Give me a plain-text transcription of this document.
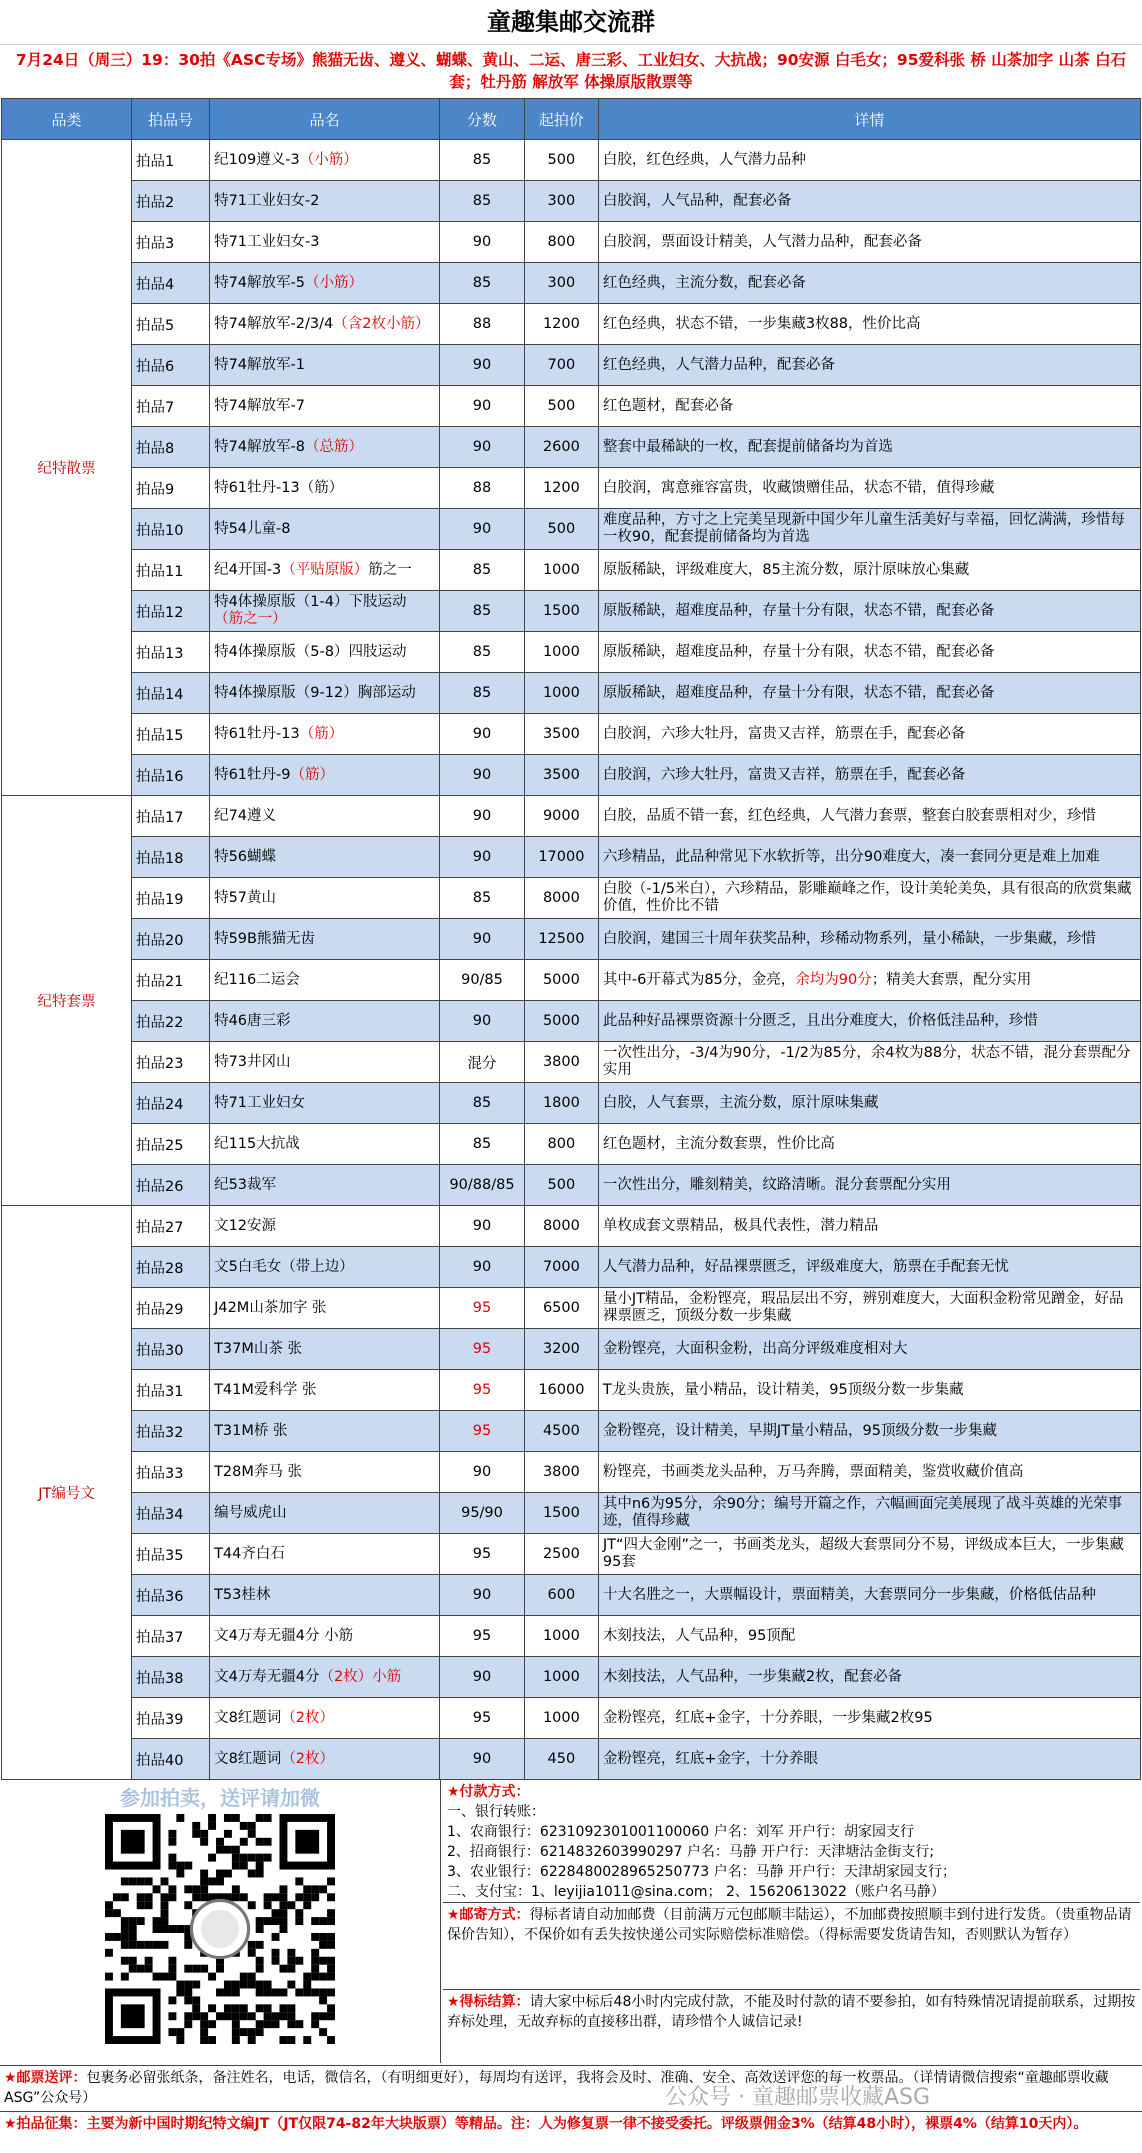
童趣集邮交流群
7月24日（周三）19：30拍《ASC专场》熊猫无齿、遵义、蝴蝶、黄山、二运、唐三彩、工业妇女、大抗战；90安源 白毛女；95爱科张 桥 山茶加字 山茶 白石套；牡丹筋 解放军 体操原版散票等
品类	拍品号	品名	分数	起拍价	详情
纪特散票	拍品1	纪109遵义-3（小筋）	85	500	白胶，红色经典，人气潜力品种
	拍品2	特71工业妇女-2	85	300	白胶润，人气品种，配套必备
	拍品3	特71工业妇女-3	90	800	白胶润，票面设计精美，人气潜力品种，配套必备
	拍品4	特74解放军-5（小筋）	85	300	红色经典，主流分数，配套必备
	拍品5	特74解放军-2/3/4（含2枚小筋）	88	1200	红色经典，状态不错，一步集藏3枚88，性价比高
	拍品6	特74解放军-1	90	700	红色经典，人气潜力品种，配套必备
	拍品7	特74解放军-7	90	500	红色题材，配套必备
	拍品8	特74解放军-8（总筋）	90	2600	整套中最稀缺的一枚，配套提前储备均为首选
	拍品9	特61牡丹-13（筋）	88	1200	白胶润，寓意雍容富贵，收藏馈赠佳品，状态不错，值得珍藏
	拍品10	特54儿童-8	90	500	难度品种，方寸之上完美呈现新中国少年儿童生活美好与幸福，回忆满满，珍惜每一枚90，配套提前储备均为首选
	拍品11	纪4开国-3（平贴原版）筋之一	85	1000	原版稀缺，评级难度大，85主流分数，原汁原味放心集藏
	拍品12	特4体操原版（1-4）下肢运动（筋之一）	85	1500	原版稀缺，超难度品种，存量十分有限，状态不错，配套必备
	拍品13	特4体操原版（5-8）四肢运动	85	1000	原版稀缺，超难度品种，存量十分有限，状态不错，配套必备
	拍品14	特4体操原版（9-12）胸部运动	85	1000	原版稀缺，超难度品种，存量十分有限，状态不错，配套必备
	拍品15	特61牡丹-13（筋）	90	3500	白胶润，六珍大牡丹，富贵又吉祥，筋票在手，配套必备
	拍品16	特61牡丹-9（筋）	90	3500	白胶润，六珍大牡丹，富贵又吉祥，筋票在手，配套必备
纪特套票	拍品17	纪74遵义	90	9000	白胶，品质不错一套，红色经典，人气潜力套票，整套白胶套票相对少，珍惜
	拍品18	特56蝴蝶	90	17000	六珍精品，此品种常见下水软折等，出分90难度大，凑一套同分更是难上加难
	拍品19	特57黄山	85	8000	白胶（-1/5米白），六珍精品，影雕巅峰之作，设计美轮美奂，具有很高的欣赏集藏价值，性价比不错
	拍品20	特59B熊猫无齿	90	12500	白胶润，建国三十周年获奖品种，珍稀动物系列，量小稀缺，一步集藏，珍惜
	拍品21	纪116二运会	90/85	5000	其中-6开幕式为85分，金亮，余均为90分；精美大套票，配分实用
	拍品22	特46唐三彩	90	5000	此品种好品裸票资源十分匮乏，且出分难度大，价格低洼品种，珍惜
	拍品23	特73井冈山	混分	3800	一次性出分，-3/4为90分，-1/2为85分，余4枚为88分，状态不错，混分套票配分实用
	拍品24	特71工业妇女	85	1800	白胶，人气套票，主流分数，原汁原味集藏
	拍品25	纪115大抗战	85	800	红色题材，主流分数套票，性价比高
	拍品26	纪53裁军	90/88/85	500	一次性出分，雕刻精美，纹路清晰。混分套票配分实用
JT编号文	拍品27	文12安源	90	8000	单枚成套文票精品，极具代表性，潜力精品
	拍品28	文5白毛女（带上边）	90	7000	人气潜力品种，好品裸票匮乏，评级难度大，筋票在手配套无忧
	拍品29	J42M山茶加字 张	95	6500	量小JT精品，金粉铿亮，瑕品层出不穷，辨别难度大，大面积金粉常见蹭金，好品裸票匮乏，顶级分数一步集藏
	拍品30	T37M山茶 张	95	3200	金粉铿亮，大面积金粉，出高分评级难度相对大
	拍品31	T41M爱科学 张	95	16000	T龙头贵族，量小精品，设计精美，95顶级分数一步集藏
	拍品32	T31M桥 张	95	4500	金粉铿亮，设计精美，早期JT量小精品，95顶级分数一步集藏
	拍品33	T28M奔马 张	90	3800	粉铿亮，书画类龙头品种，万马奔腾，票面精美，鉴赏收藏价值高
	拍品34	编号威虎山	95/90	1500	其中n6为95分，余90分；编号开篇之作，六幅画面完美展现了战斗英雄的光荣事迹，值得珍藏
	拍品35	T44齐白石	95	2500	JT“四大金刚”之一，书画类龙头，超级大套票同分不易，评级成本巨大，一步集藏95套
	拍品36	T53桂林	90	600	十大名胜之一，大票幅设计，票面精美，大套票同分一步集藏，价格低估品种
	拍品37	文4万寿无疆4分 小筋	95	1000	木刻技法，人气品种，95顶配
	拍品38	文4万寿无疆4分（2枚）小筋	90	1000	木刻技法，人气品种，一步集藏2枚，配套必备
	拍品39	文8红题词（2枚）	95	1000	金粉铿亮，红底+金字，十分养眼，一步集藏2枚95
	拍品40	文8红题词（2枚）	90	450	金粉铿亮，红底+金字，十分养眼
参加拍卖，送评请加微	★付款方式：
一、银行转账：
1、农商银行：6231092301001100060 户名：刘军 开户行：胡家园支行
2、招商银行：6214832603990297 户名：马静 开户行：天津塘沽金街支行;
3、农业银行：6228480028965250773 户名：马静 开户行：天津胡家园支行；
二、支付宝：1、leyijia1011@sina.com； 2、15620613022（账户名马静）
★邮寄方式：得标者请自动加邮费（目前满万元包邮顺丰陆运），不加邮费按照顺丰到付进行发货。（贵重物品请保价告知），不保价如有丢失按快递公司实际赔偿标准赔偿。（得标需要发货请告知，否则默认为暂存）
★得标结算：请大家中标后48小时内完成付款，不能及时付款的请不要参拍，如有特殊情况请提前联系，过期按弃标处理，无故弃标的直接移出群，请珍惜个人诚信记录!
★邮票送评：包裹务必留张纸条，备注姓名，电话，微信名，（有明细更好），每周均有送评，我将会及时、准确、安全、高效送评您的每一枚票品。（详情请微信搜索“童趣邮票收藏ASG”公众号）
★拍品征集：主要为新中国时期纪特文编JT（JT仅限74-82年大块版票）等精品。注：人为修复票一律不接受委托。评级票佣金3%（结算48小时），裸票4%（结算10天内）。
公众号 · 童趣邮票收藏ASG
